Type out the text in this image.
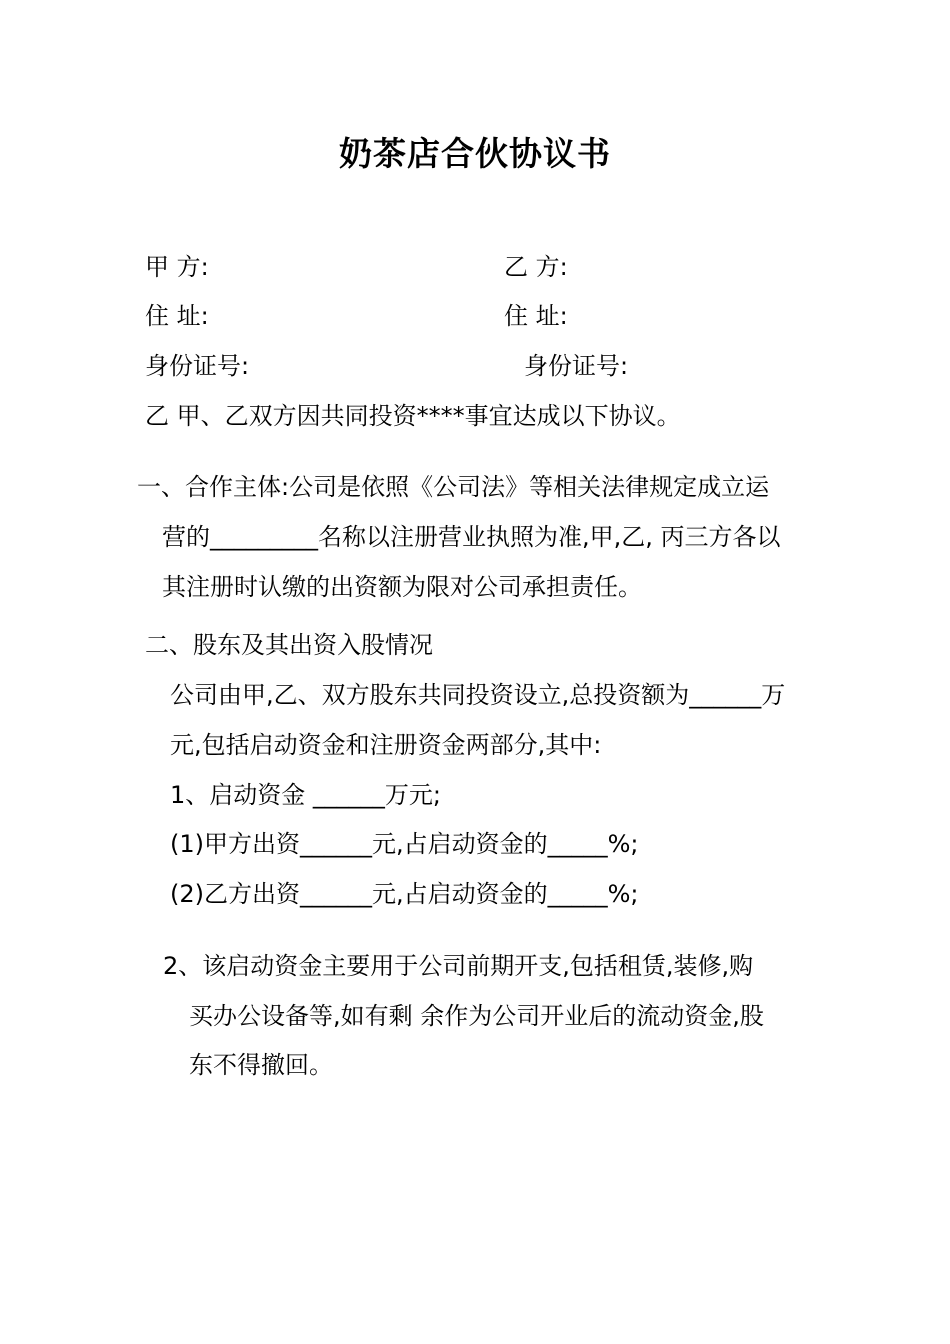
奶茶店合伙协议书
甲 方:	乙 方:
住 址:	住 址:
身份证号:	身份证号:
乙 甲、乙双方因共同投资****事宜达成以下协议。
一、合作主体:公司是依照《公司法》等相关法律规定成立运
营的_________名称以注册营业执照为准,甲,乙, 丙三方各以
其注册时认缴的出资额为限对公司承担责任。
二、股东及其出资入股情况
公司由甲,乙、双方股东共同投资设立,总投资额为______万
元,包括启动资金和注册资金两部分,其中:
1、启动资金 ______万元;
(1)甲方出资______元,占启动资金的_____%;
(2)乙方出资______元,占启动资金的_____%;
2、该启动资金主要用于公司前期开支,包括租赁,装修,购
买办公设备等,如有剩 余作为公司开业后的流动资金,股
东不得撤回。
